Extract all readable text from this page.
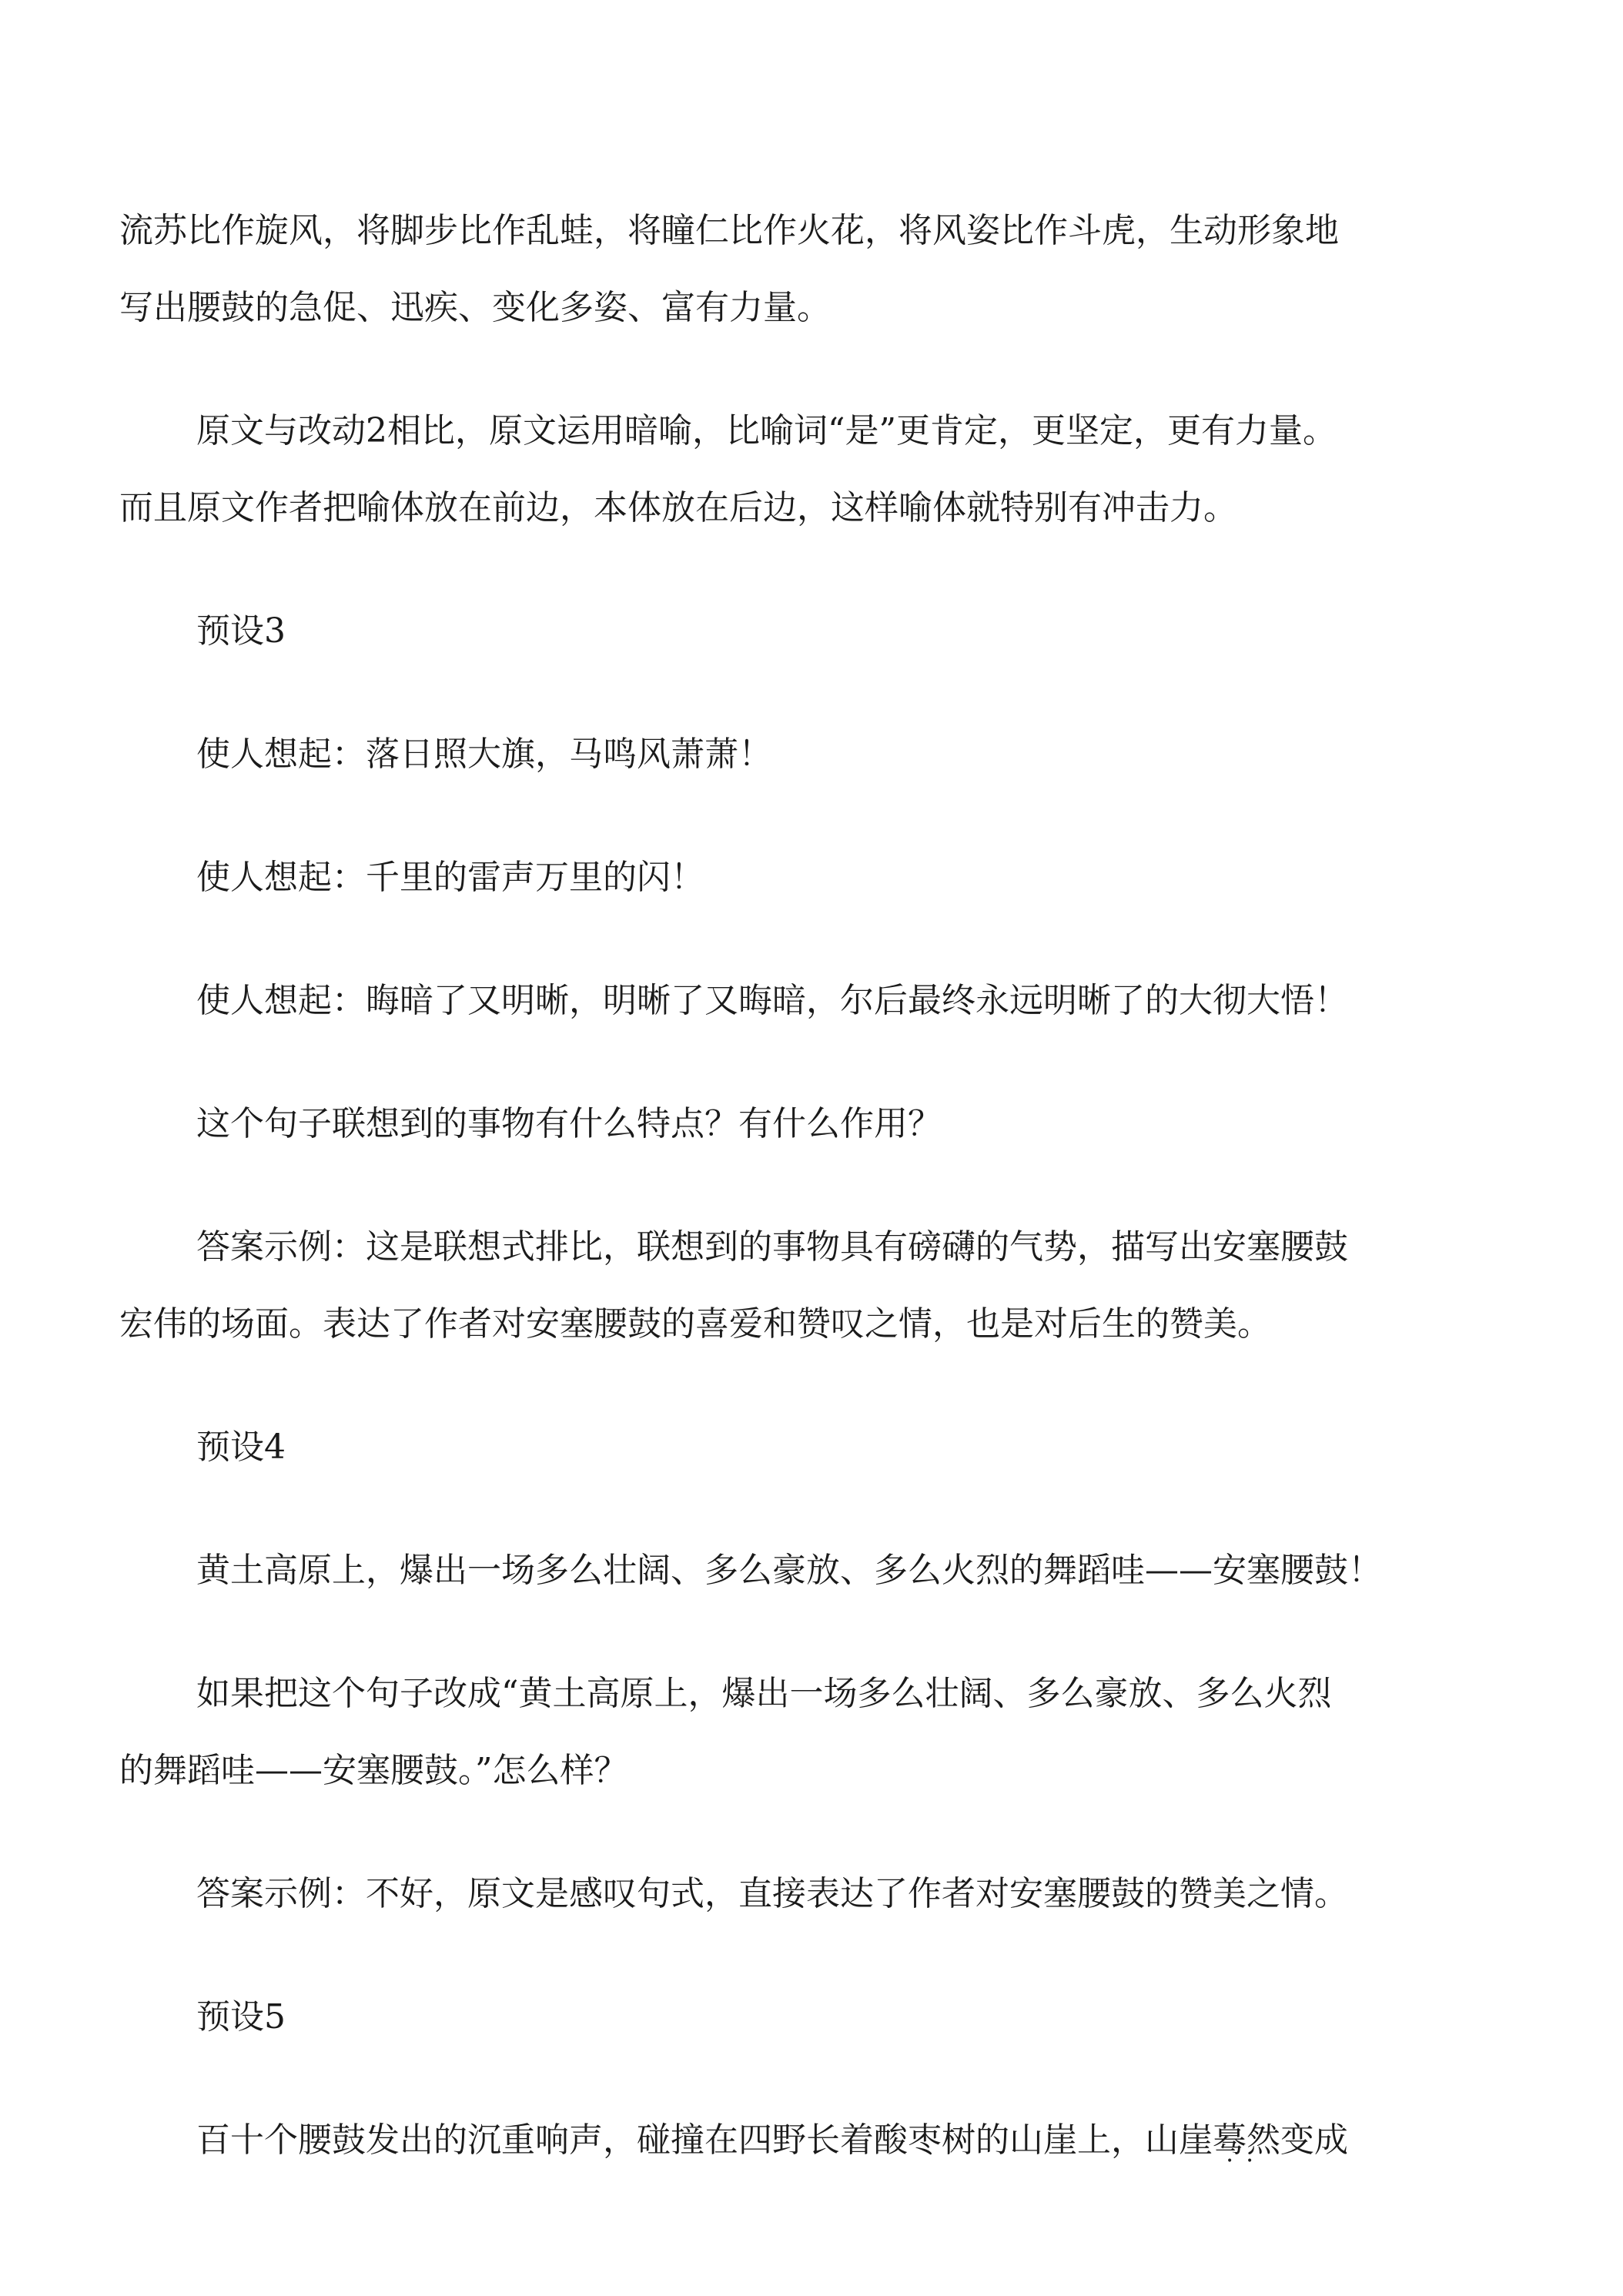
流苏比作旋风，将脚步比作乱蛙，将瞳仁比作火花，将风姿比作斗虎，生动形象地
写出腰鼓的急促、迅疾、变化多姿、富有力量。

原文与改动2相比，原文运用暗喻，比喻词“是”更肯定，更坚定，更有力量。
而且原文作者把喻体放在前边，本体放在后边，这样喻体就特别有冲击力。

预设3

使人想起：落日照大旗，马鸣风萧萧！

使人想起：千里的雷声万里的闪！

使人想起：晦暗了又明晰，明晰了又晦暗，尔后最终永远明晰了的大彻大悟！

这个句子联想到的事物有什么特点？有什么作用？

答案示例：这是联想式排比，联想到的事物具有磅礴的气势，描写出安塞腰鼓
宏伟的场面。表达了作者对安塞腰鼓的喜爱和赞叹之情，也是对后生的赞美。

预设4

黄土高原上，爆出一场多么壮阔、多么豪放、多么火烈的舞蹈哇——安塞腰鼓！

如果把这个句子改成“黄土高原上，爆出一场多么壮阔、多么豪放、多么火烈
的舞蹈哇——安塞腰鼓。”怎么样？

答案示例：不好，原文是感叹句式，直接表达了作者对安塞腰鼓的赞美之情。

预设5

百十个腰鼓发出的沉重响声，碰撞在四野长着酸枣树的山崖上，山崖蓦然 •    •变成
